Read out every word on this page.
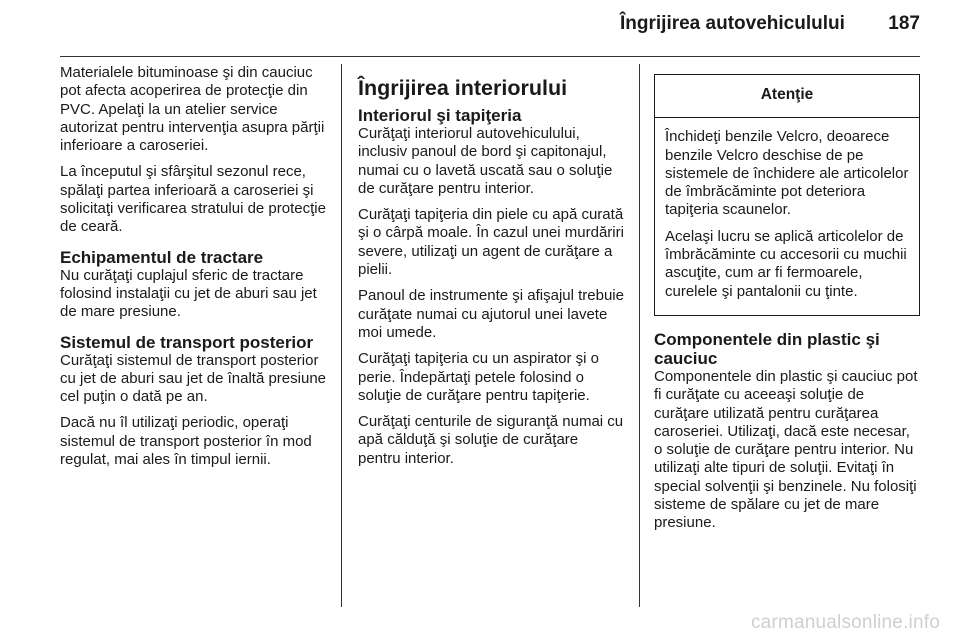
Îngrijirea autovehiculului	187

Materialele bituminoase şi din cauciuc pot afecta acoperirea de protecţie din PVC. Apelaţi la un atelier service autorizat pentru intervenţia asupra părţii inferioare a caroseriei.

La începutul şi sfârşitul sezonul rece, spălaţi partea inferioară a caroseriei şi solicitaţi verificarea stratului de protecţie de ceară.

Echipamentul de tractare

Nu curăţaţi cuplajul sferic de tractare folosind instalaţii cu jet de aburi sau jet de mare presiune.

Sistemul de transport posterior

Curăţaţi sistemul de transport posterior cu jet de aburi sau jet de înaltă presiune cel puţin o dată pe an.

Dacă nu îl utilizaţi periodic, operaţi sistemul de transport posterior în mod regulat, mai ales în timpul iernii.

Îngrijirea interiorului
Interiorul şi tapiţeria

Curăţaţi interiorul autovehiculului, inclusiv panoul de bord şi capitonajul, numai cu o lavetă uscată sau o soluţie de curăţare pentru interior.

Curăţaţi tapiţeria din piele cu apă curată şi o cârpă moale. În cazul unei murdăriri severe, utilizaţi un agent de curăţare a pielii.

Panoul de instrumente şi afişajul trebuie curăţate numai cu ajutorul unei lavete moi umede.

Curăţaţi tapiţeria cu un aspirator şi o perie. Îndepărtaţi petele folosind o soluţie de curăţare pentru tapiţerie.

Curăţaţi centurile de siguranţă numai cu apă călduţă şi soluţie de curăţare pentru interior.

Atenţie

Închideţi benzile Velcro, deoarece benzile Velcro deschise de pe sistemele de închidere ale articolelor de îmbrăcăminte pot deteriora tapiţeria scaunelor.

Acelaşi lucru se aplică articolelor de îmbrăcăminte cu accesorii cu muchii ascuţite, cum ar fi fermoarele, curelele şi pantalonii cu ţinte.

Componentele din plastic şi cauciuc

Componentele din plastic şi cauciuc pot fi curăţate cu aceeaşi soluţie de curăţare utilizată pentru curăţarea caroseriei. Utilizaţi, dacă este necesar, o soluţie de curăţare pentru interior. Nu utilizaţi alte tipuri de soluţii. Evitaţi în special solvenţii şi benzinele. Nu folosiţi sisteme de spălare cu jet de mare presiune.

carmanualsonline.info
